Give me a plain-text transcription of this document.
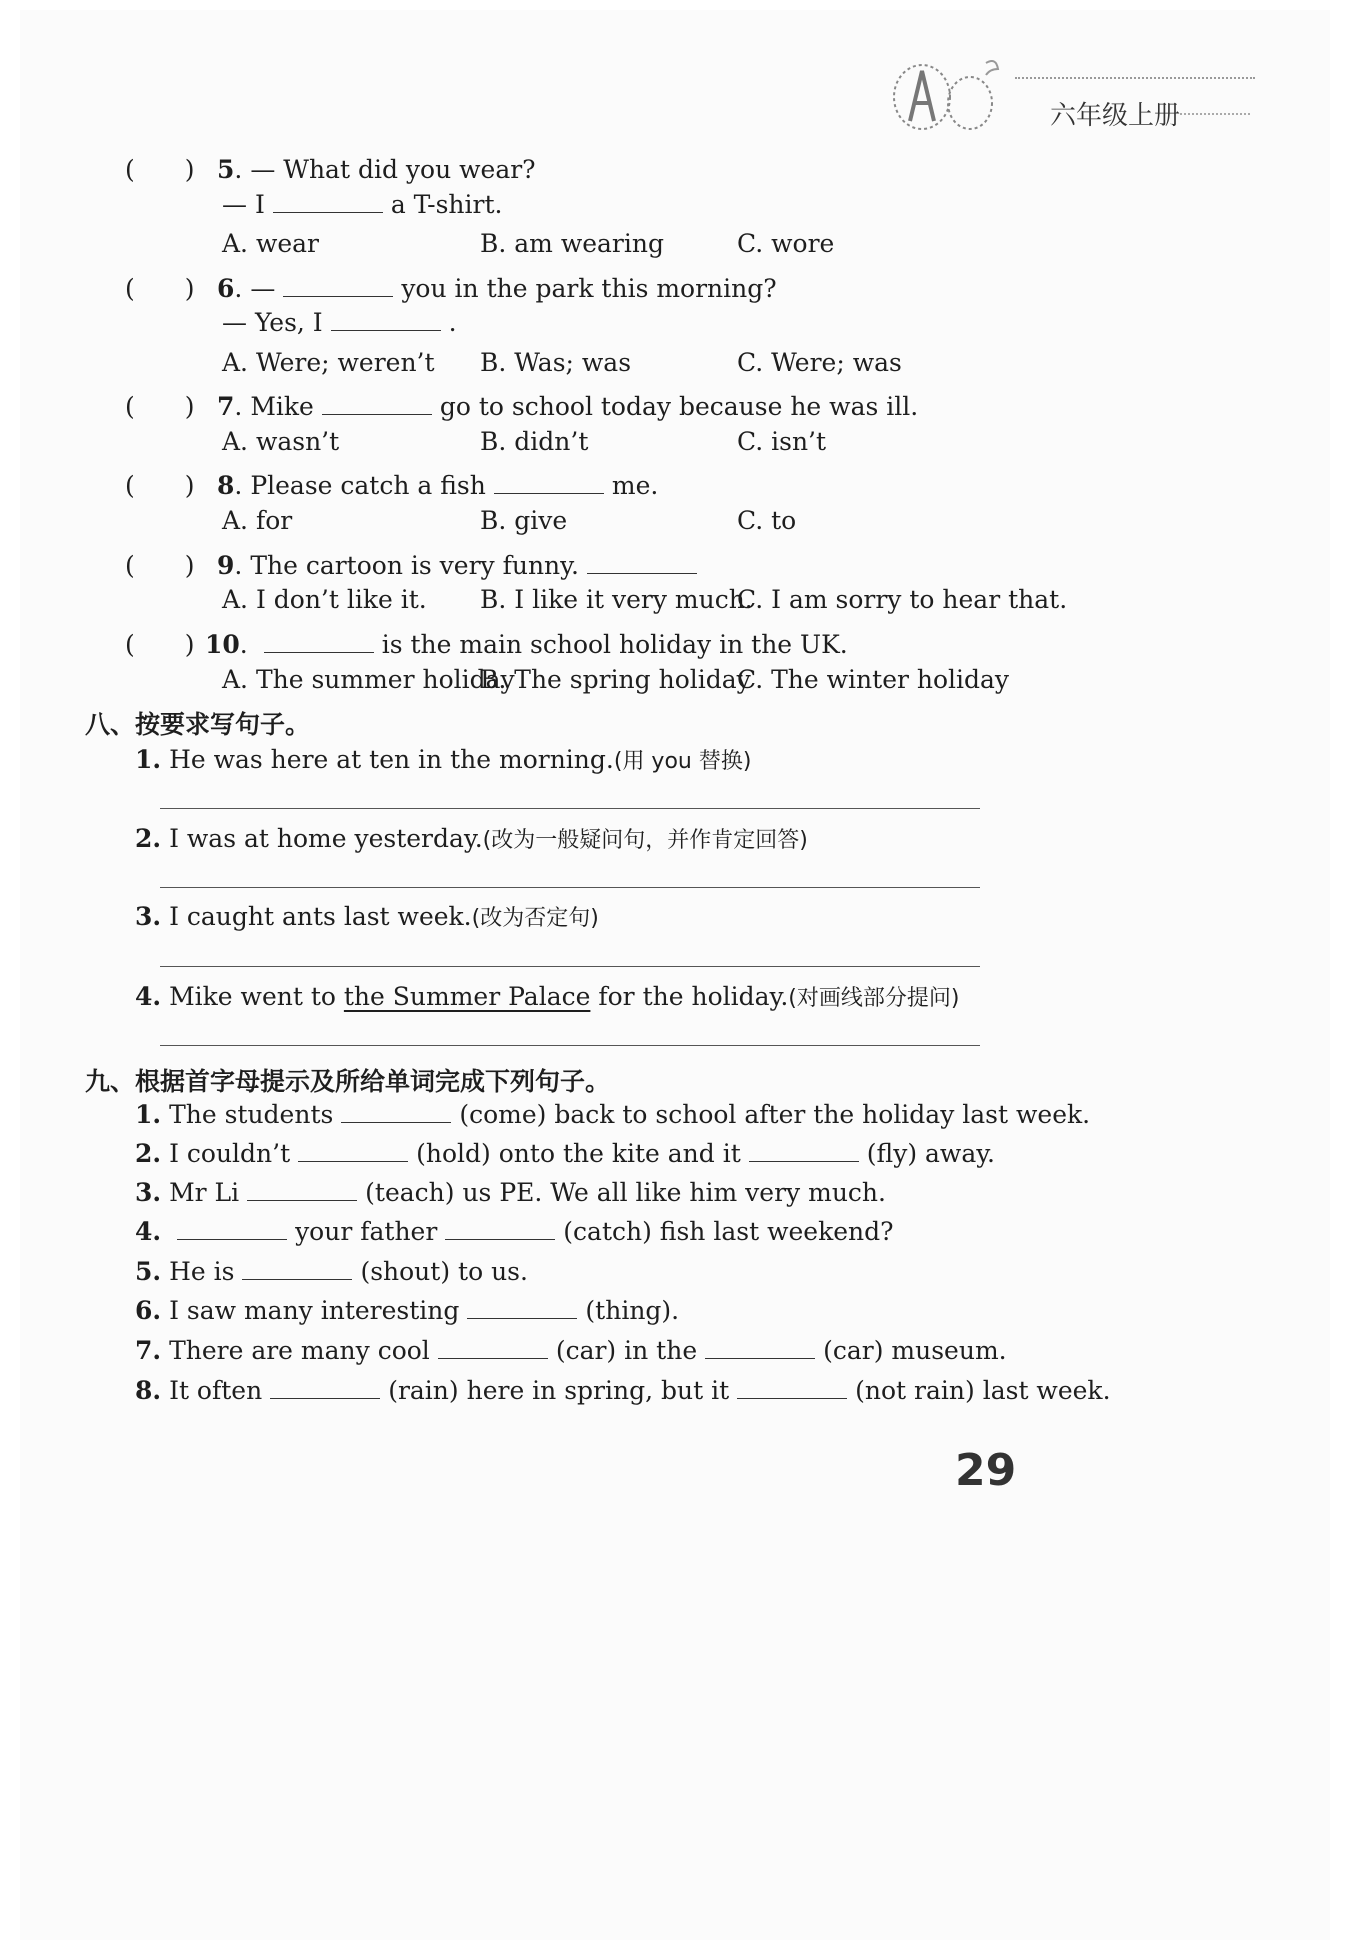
六年级上册
(　　) 5. — What did you wear?
— I	a T-shirt.
A. wear	B. am wearing	C. wore
(　　) 6. —	you in the park this morning?
— Yes, I	.
A. Were; weren’t B. Was; was	C. Were; was
(　　) 7. Mike	go to school today because he was ill.
A. wasn’t	B. didn’t	C. isn’t
(　　) 8. Please catch a fish	me.
A. for	B. give	C. to
(　　) 9. The cartoon is very funny.
A. I don’t like it. B. I like it very much.
C. I am sorry to hear that.
(　　) 10.	is the main school holiday in the UK.
A. The summer holiday
B. The spring holiday
C. The winter holiday
八、按要求写句子。
1. He was here at ten in the morning.(用 you 替换)
2. I was at home yesterday.(改为一般疑问句，并作肯定回答)
3. I caught ants last week.(改为否定句)
4. Mike went to the Summer Palace for the holiday.(对画线部分提问)
九、根据首字母提示及所给单词完成下列句子。
1. The students	(come) back to school after the holiday last week.
2. I couldn’t	(hold) onto the kite and it	(fly) away.
3. Mr Li	(teach) us PE. We all like him very much.
4.	your father	(catch) fish last weekend?
5. He is	(shout) to us.
6. I saw many interesting	(thing).
7. There are many cool	(car) in the	(car) museum.
8. It often	(rain) here in spring, but it	(not rain) last week.
29
